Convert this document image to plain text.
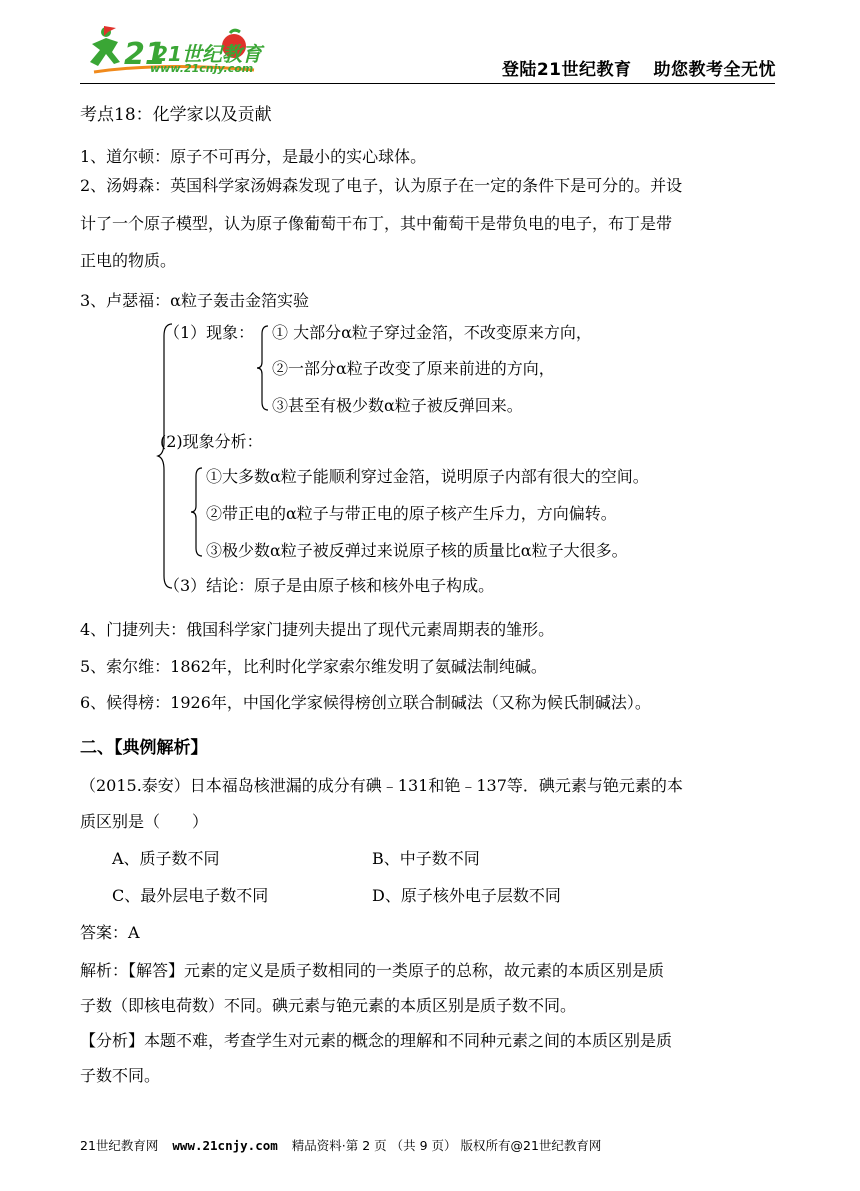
21
21世纪教育
www.21cnjy.com	登陆21世纪教育 助您教考全无忧
考点18：化学家以及贡献
1、道尔顿：原子不可再分，是最小的实心球体。
2、汤姆森：英国科学家汤姆森发现了电子，认为原子在一定的条件下是可分的。并设
计了一个原子模型，认为原子像葡萄干布丁，其中葡萄干是带负电的电子，布丁是带
正电的物质。
3、卢瑟福：α粒子轰击金箔实验
（1）现象： ① 大部分α粒子穿过金箔，不改变原来方向，
②一部分α粒子改变了原来前进的方向，
③甚至有极少数α粒子被反弹回来。
(2)现象分析：
①大多数α粒子能顺利穿过金箔，说明原子内部有很大的空间。
②带正电的α粒子与带正电的原子核产生斥力，方向偏转。
③极少数α粒子被反弹过来说原子核的质量比α粒子大很多。
（3）结论：原子是由原子核和核外电子构成。
4、门捷列夫：俄国科学家门捷列夫提出了现代元素周期表的雏形。
5、索尔维：1862年，比利时化学家索尔维发明了氨碱法制纯碱。
6、候得榜：1926年，中国化学家候得榜创立联合制碱法（又称为候氏制碱法）。
二、【典例解析】
（2015.泰安）日本福岛核泄漏的成分有碘﹣131和铯﹣137等．碘元素与铯元素的本
质区别是（　　）
A、质子数不同	B、中子数不同
C、最外层电子数不同	D、原子核外电子层数不同
答案：A
解析：【解答】元素的定义是质子数相同的一类原子的总称，故元素的本质区别是质
子数（即核电荷数）不同。碘元素与铯元素的本质区别是质子数不同。
【分析】本题不难，考查学生对元素的概念的理解和不同种元素之间的本质区别是质
子数不同。
21世纪教育网 www.21cnjy.com 精品资料·第 2 页 （共 9 页） 版权所有@21世纪教育网
